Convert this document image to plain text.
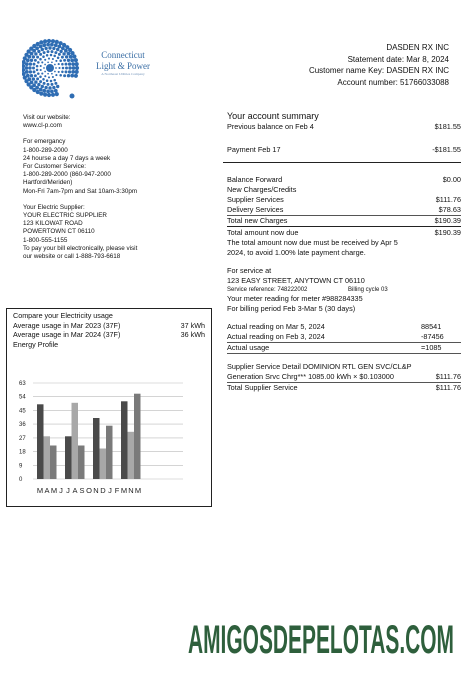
Connecticut
Light & Power
A Northeast Utilities Company
DASDEN RX INC
Statement date: Mar 8, 2024
Customer name Key: DASDEN RX INC
Account number: 51766033088
Visit our website:
www.cl-p.com
For emergancy
1-800-289-2000
24 hourse a day 7 days a week
For Customer Service:
1-800-289-2000 (860-947-2000
Hartford/Meriden)
Mon-Fri 7am-7pm and Sat 10am-3:30pm
Your Electric Supplier:
YOUR ELECTRIC SUPPLIER
123 KILOWAT ROAD
POWERTOWN CT 06110
1-800-555-1155
To pay your bill electronically, please visit
our website or call 1-888-793-6618
Your account summary
Previous balance on Feb 4	$181.55
Payment Feb 17	-$181.55
Balance Forward	$0.00
New Charges/Credits
Supplier Services	$111.76
Delivery Services	$78.63
Total new Charges	$190.39
Total amount now due	$190.39
The total amount now due must be received by Apr 5
2024, to avoid 1.00% late payment charge.
For service at
123 EASY STREET, ANYTOWN CT 06110
Service reference: 748222002	Billing cycle 03
Your meter reading for meter #988284335
For billing period Feb 3-Mar 5 (30 days)
Actual reading on Mar 5, 2024	88541
Actual reading on Feb 3, 2024	-87456
Actual usage	=1085
Supplier Service Detail DOMINION RTL GEN SVC/CL&P
Generation Srvc Chrg*** 1085.00 kWh × $0.103000	$111.76
Total Supplier Service	$111.76
Compare your Electricity usage
Average usage in Mar 2023 (37F)	37 kWh
Average usage in Mar 2024 (37F)	36 kWh
Energy Profile
0
9
18
27
36
45
54
63
M A M J J A S O N D J F M N M
AMIGOSDEPELOTAS.COM
